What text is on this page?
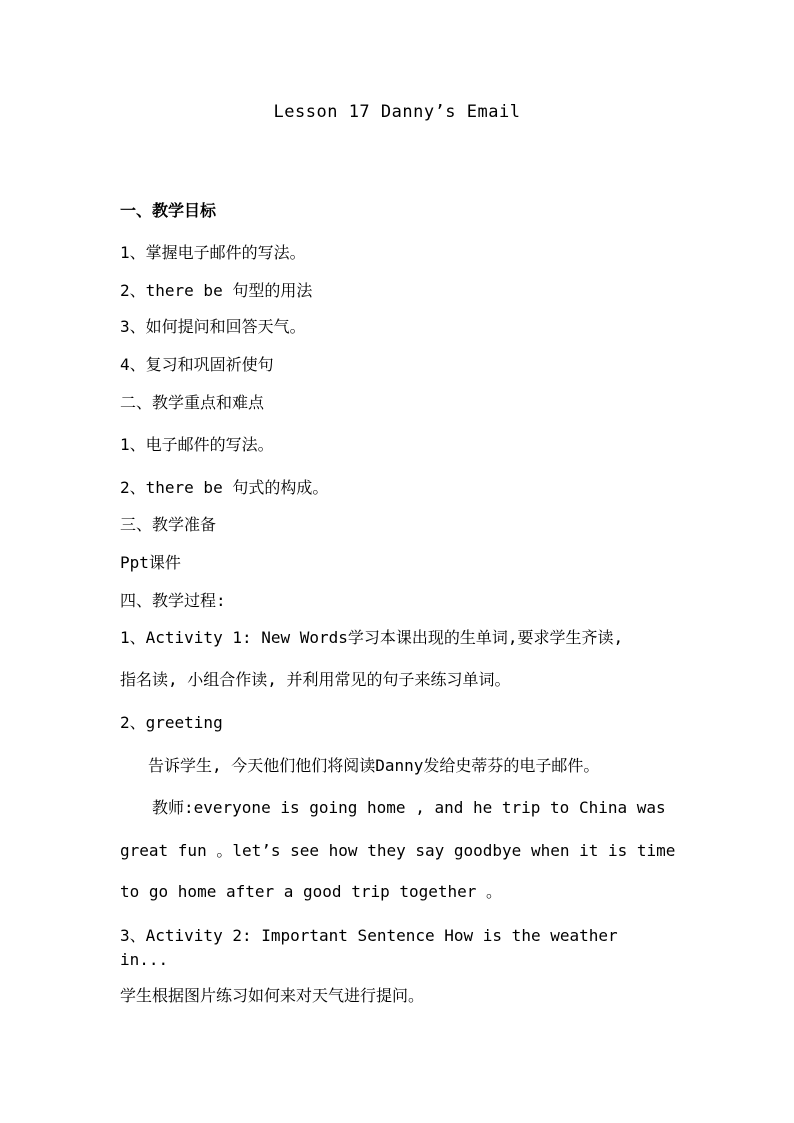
Lesson 17 Danny’s Email
一、教学目标
1、掌握电子邮件的写法。
2、there be 句型的用法
3、如何提问和回答天气。
4、复习和巩固祈使句
二、教学重点和难点
1、电子邮件的写法。
2、there be 句式的构成。
三、教学准备
Ppt课件
四、教学过程:
1、Activity 1: New Words学习本课出现的生单词,要求学生齐读,
指名读, 小组合作读, 并利用常见的句子来练习单词。
2、greeting
告诉学生, 今天他们他们将阅读Danny发给史蒂芬的电子邮件。
教师:everyone is going home , and he trip to China was
great fun 。let’s see how they say goodbye when it is time
to go home after a good trip together 。
3、Activity 2: Important Sentence How is the weather
in...
学生根据图片练习如何来对天气进行提问。
